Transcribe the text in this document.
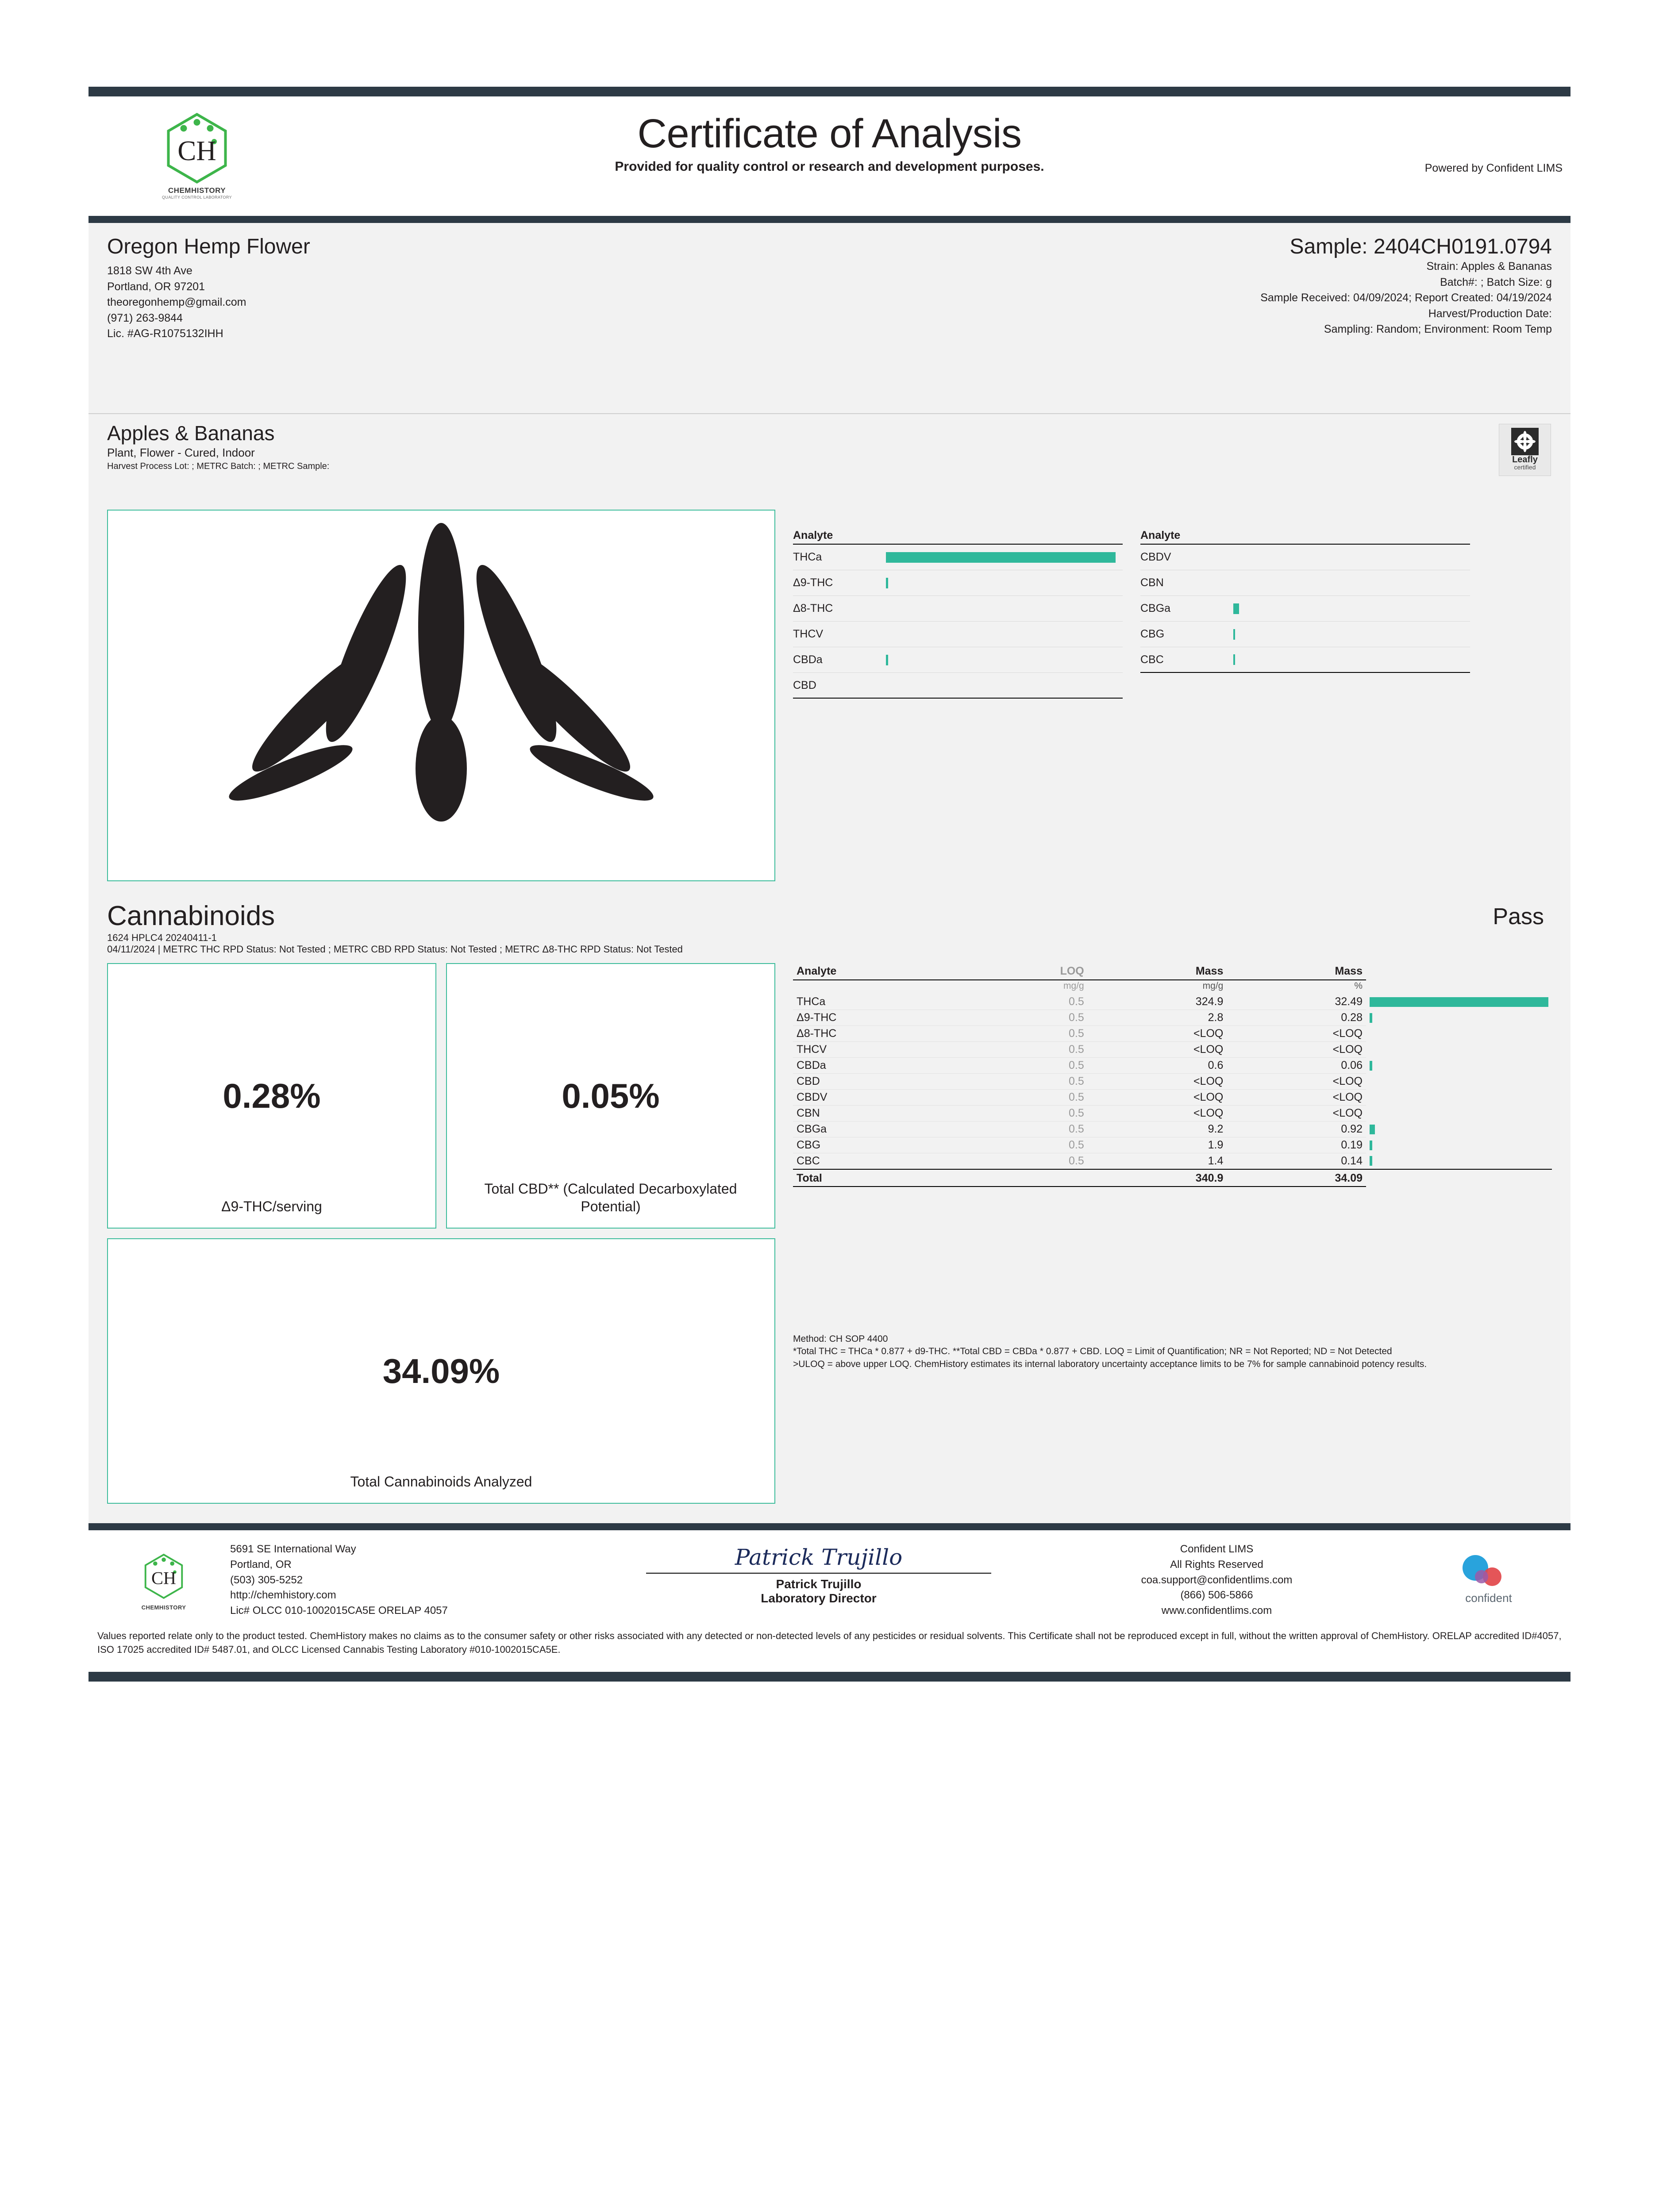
CH
CHEMHISTORY
QUALITY CONTROL LABORATORY
Certificate of Analysis
Provided for quality control or research and development purposes.	Powered by Confident LIMS
Oregon Hemp Flower
1818 SW 4th Ave
Portland, OR 97201
theoregonhemp@gmail.com
(971) 263-9844
Lic. #AG-R1075132IHH
Sample: 2404CH0191.0794
Strain: Apples & Bananas
Batch#: ; Batch Size: g
Sample Received: 04/09/2024; Report Created: 04/19/2024
Harvest/Production Date:
Sampling: Random; Environment: Room Temp
Apples & Bananas
Plant, Flower - Cured, Indoor
Harvest Process Lot: ; METRC Batch: ; METRC Sample:
Leafly
certified
Analyte
THCa
Δ9-THC
Δ8-THC
THCV
CBDa
CBD
Analyte
CBDV
CBN
CBGa
CBG
CBC
Cannabinoids	Pass
1624 HPLC4 20240411-1
04/11/2024 | METRC THC RPD Status: Not Tested ; METRC CBD RPD Status: Not Tested ; METRC Δ8-THC RPD Status: Not Tested
0.28%
Δ9-THC/serving
0.05%
Total CBD** (Calculated Decarboxylated Potential)
34.09%
Total Cannabinoids Analyzed
Analyte	LOQ	Mass	Mass	
	mg/g	mg/g	%	
THCa	0.5	324.9	32.49	

Δ9-THC	0.5	2.8	0.28	

Δ8-THC	0.5	<LOQ	<LOQ	

THCV	0.5	<LOQ	<LOQ	

CBDa	0.5	0.6	0.06	

CBD	0.5	<LOQ	<LOQ	

CBDV	0.5	<LOQ	<LOQ	

CBN	0.5	<LOQ	<LOQ	

CBGa	0.5	9.2	0.92	

CBG	0.5	1.9	0.19	

CBC	0.5	1.4	0.14	

Total		340.9	34.09	
Method: CH SOP 4400
*Total THC = THCa * 0.877 + d9-THC. **Total CBD = CBDa * 0.877 + CBD. LOQ = Limit of Quantification; NR = Not Reported; ND = Not Detected
>ULOQ = above upper LOQ. ChemHistory estimates its internal laboratory uncertainty acceptance limits to be 7% for sample cannabinoid potency results.
CH
CHEMHISTORY
5691 SE International Way
Portland, OR
(503) 305-5252
http://chemhistory.com
Lic# OLCC 010-1002015CA5E ORELAP 4057
Patrick Trujillo
Patrick Trujillo
Laboratory Director
Confident LIMS
All Rights Reserved
coa.support@confidentlims.com
(866) 506-5866
www.confidentlims.com
confident
Values reported relate only to the product tested. ChemHistory makes no claims as to the consumer safety or other risks associated with any detected or non-detected levels of any pesticides or residual solvents. This Certificate shall not be reproduced except in full, without the written approval of ChemHistory. ORELAP accredited ID#4057, ISO 17025 accredited ID# 5487.01, and OLCC Licensed Cannabis Testing Laboratory #010-1002015CA5E.
